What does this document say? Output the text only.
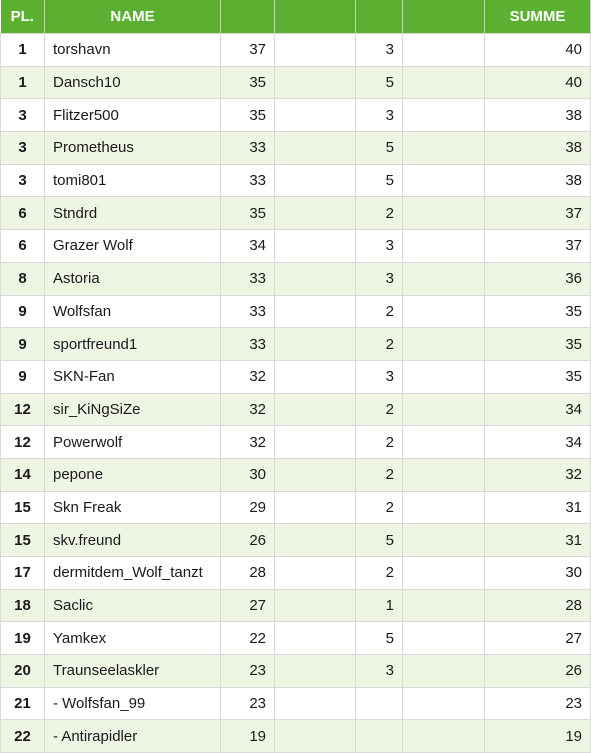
PL.	NAME					SUMME
1	torshavn	37		3		40
1	Dansch10	35		5		40
3	Flitzer500	35		3		38
3	Prometheus	33		5		38
3	tomi801	33		5		38
6	Stndrd	35		2		37
6	Grazer Wolf	34		3		37
8	Astoria	33		3		36
9	Wolfsfan	33		2		35
9	sportfreund1	33		2		35
9	SKN-Fan	32		3		35
12	sir_KiNgSiZe	32		2		34
12	Powerwolf	32		2		34
14	pepone	30		2		32
15	Skn Freak	29		2		31
15	skv.freund	26		5		31
17	dermitdem_Wolf_tanzt	28		2		30
18	Saclic	27		1		28
19	Yamkex	22		5		27
20	Traunseelaskler	23		3		26
21	- Wolfsfan_99	23				23
22	- Antirapidler	19				19
